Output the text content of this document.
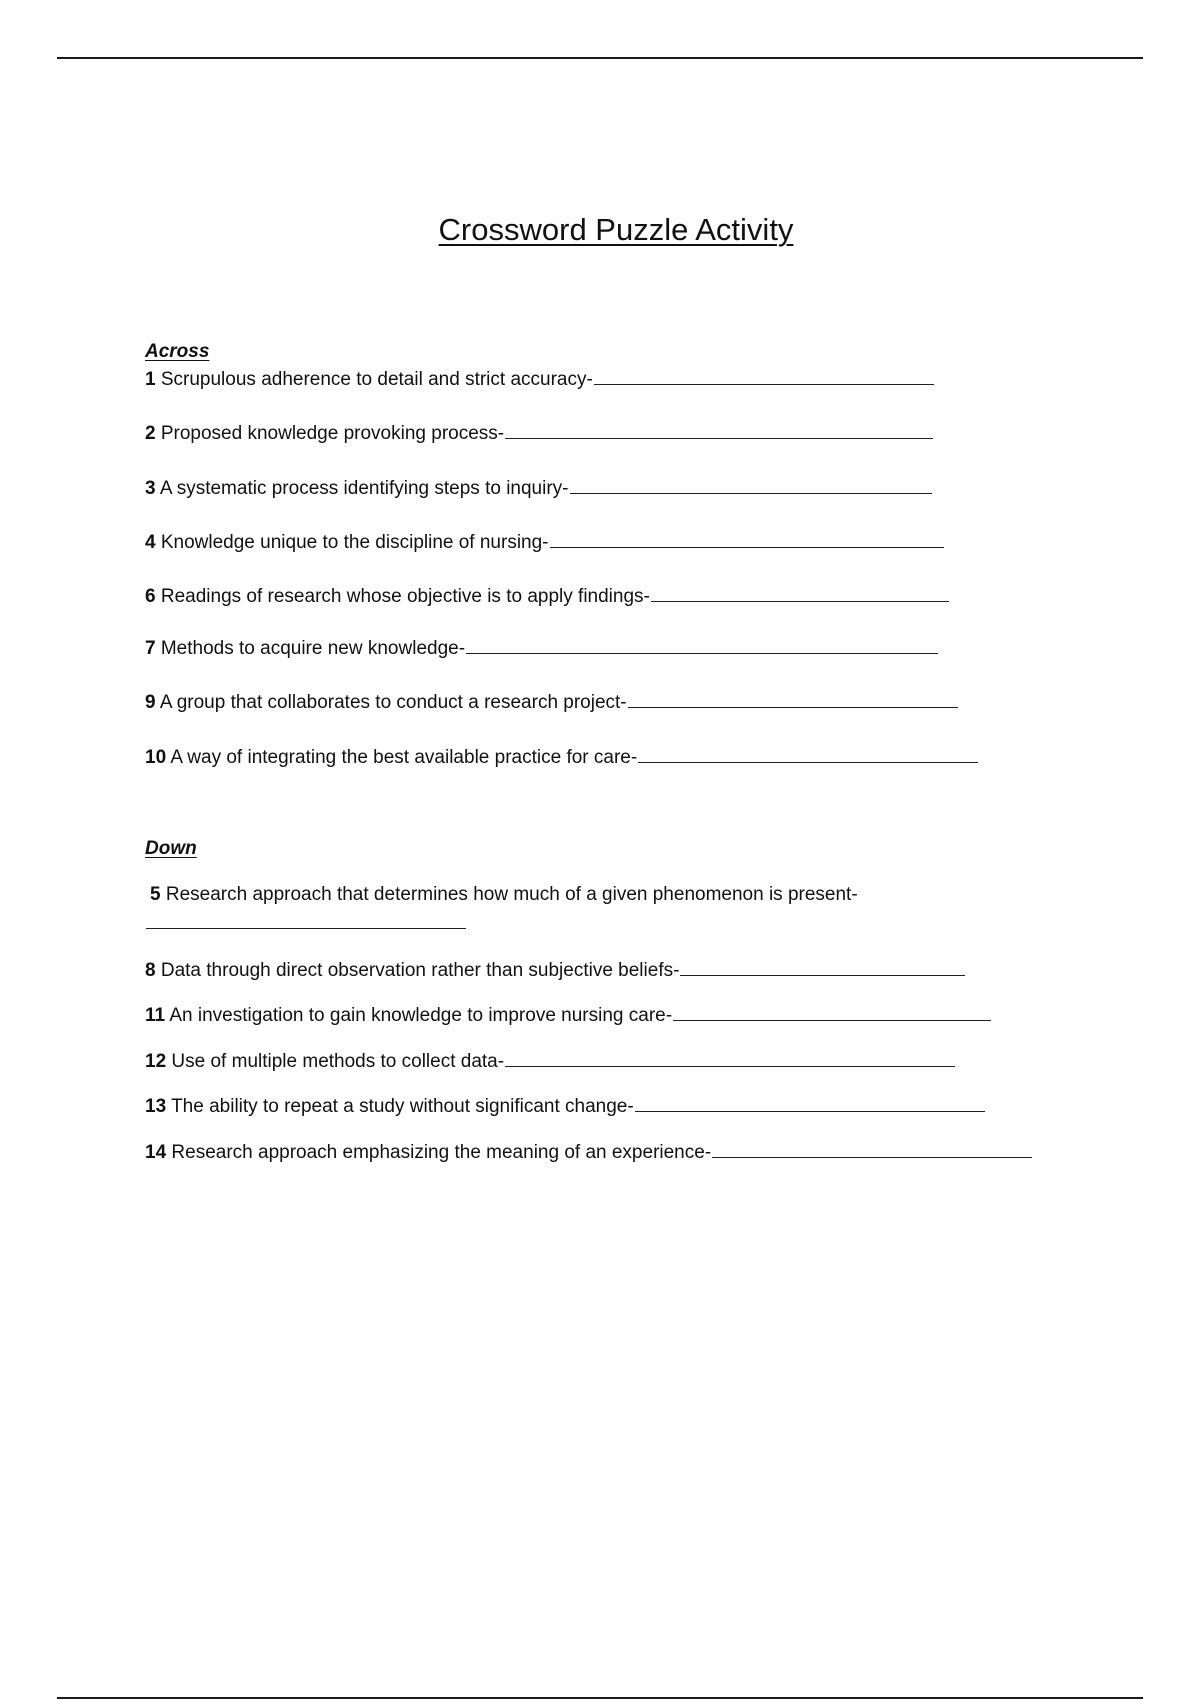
Crossword Puzzle Activity

Across

1 Scrupulous adherence to detail and strict accuracy-

2 Proposed knowledge provoking process-

3 A systematic process identifying steps to inquiry-

4 Knowledge unique to the discipline of nursing-

6 Readings of research whose objective is to apply findings-

7 Methods to acquire new knowledge-

9 A group that collaborates to conduct a research project-

10 A way of integrating the best available practice for care-

Down

5 Research approach that determines how much of a given phenomenon is present-

8 Data through direct observation rather than subjective beliefs-

11 An investigation to gain knowledge to improve nursing care-

12 Use of multiple methods to collect data-

13 The ability to repeat a study without significant change-

14 Research approach emphasizing the meaning of an experience-
